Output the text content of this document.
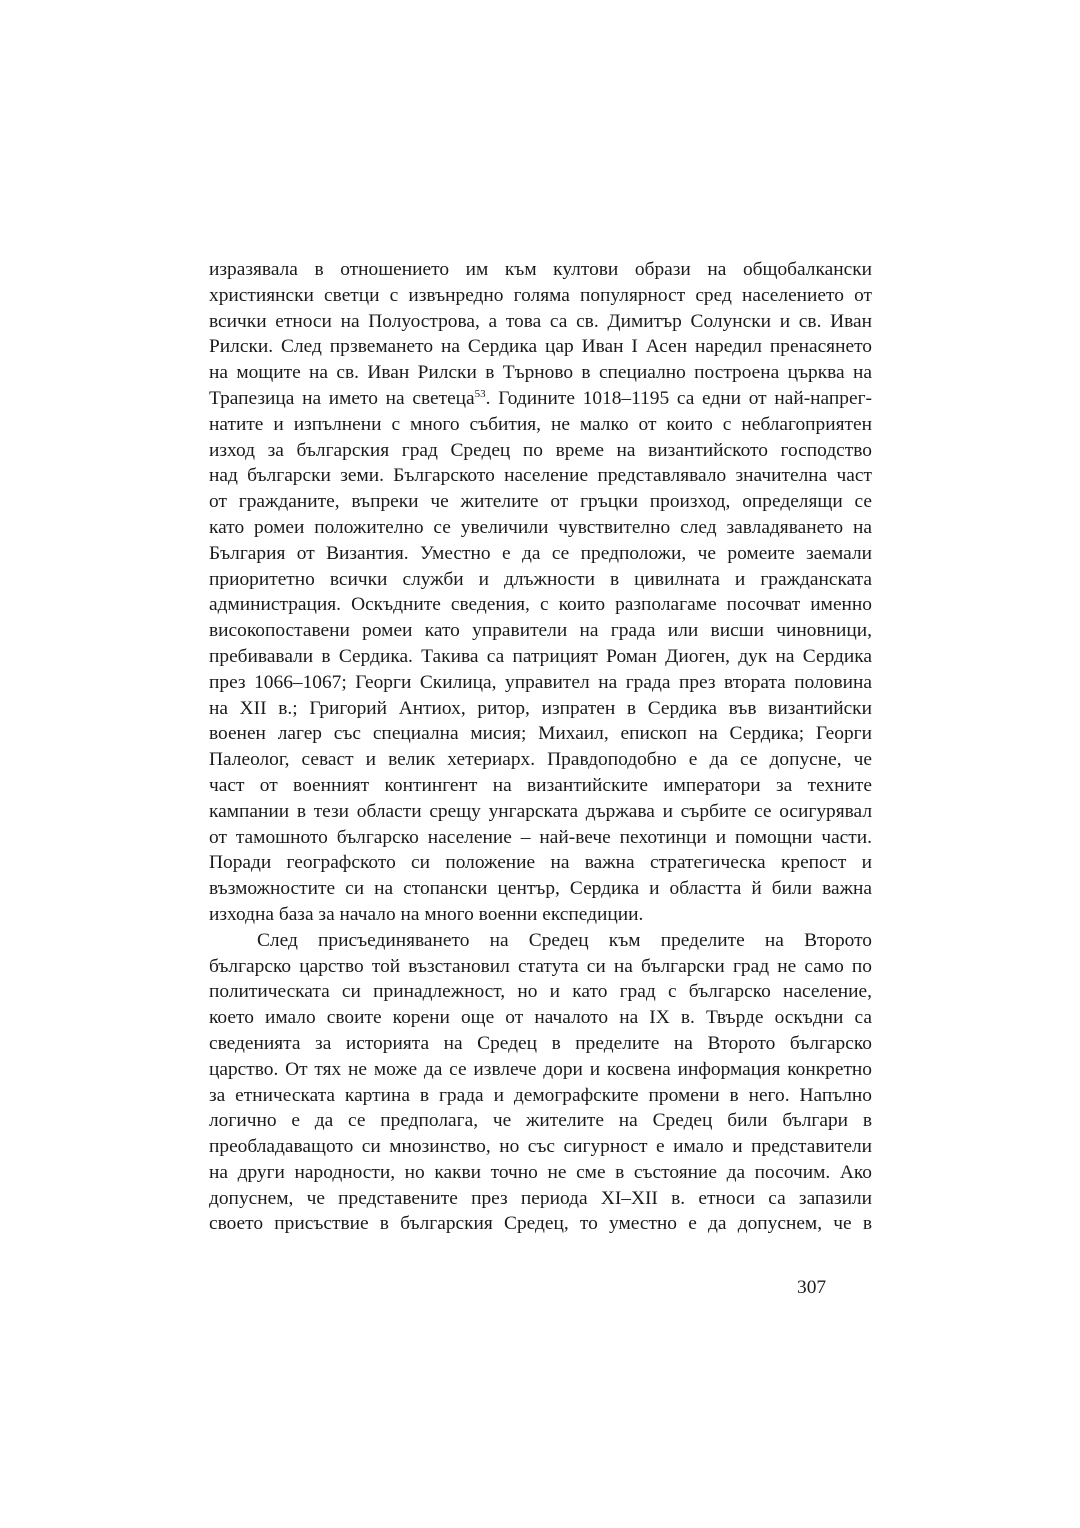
изразявала в отношението им към култови образи на общобалкански

християнски светци с извънредно голяма популярност сред населението от

всички етноси на Полуострова, а това са св. Димитър Солунски и св. Иван

Рилски. След прзвемането на Сердика цар Иван I Асен наредил пренасянето

на мощите на св. Иван Рилски в Търново в специално построена църква на

Трапезица на името на светеца$^{53}$. Годините 1018–1195 са едни от най-напрег-

натите и изпълнени с много събития, не малко от които с неблагоприятен

изход за българския град Средец по време на византийското господство

над български земи. Българското население представлявало значителна част

от гражданите, въпреки че жителите от гръцки произход, определящи се

като ромеи положително се увеличили чувствително след завладяването на

България от Византия. Уместно е да се предположи, че ромеите заемали

приоритетно всички служби и длъжности в цивилната и гражданската

администрация. Оскъдните сведения, с които разполагаме посочват именно

високопоставени ромеи като управители на града или висши чиновници,

пребивавали в Сердика. Такива са патрицият Роман Диоген, дук на Сердика

през 1066–1067; Георги Скилица, управител на града през втората половина

на XII в.; Григорий Антиох, ритор, изпратен в Сердика във византийски

военен лагер със специална мисия; Михаил, епископ на Сердика; Георги

Палеолог, севаст и велик хетериарх. Правдоподобно е да се допусне, че

част от военният контингент на византийските императори за техните

кампании в тези области срещу унгарската държава и сърбите се осигурявал

от тамошното българско население – най-вече пехотинци и помощни части.

Поради географското си положение на важна стратегическа крепост и

възможностите си на стопански център, Сердика и областта й били важна

изходна база за начало на много военни експедиции.

След присъединяването на Средец към пределите на Второто

българско царство той възстановил статута си на български град не само по

политическата си принадлежност, но и като град с българско население,

което имало своите корени още от началото на IX в. Твърде оскъдни са

сведенията за историята на Средец в пределите на Второто българско

царство. От тях не може да се извлече дори и косвена информация конкретно

за етническата картина в града и демографските промени в него. Напълно

логично е да се предполага, че жителите на Средец били българи в

преобладаващото си мнозинство, но със сигурност е имало и представители

на други народности, но какви точно не сме в състояние да посочим. Ако

допуснем, че представените през периода XI–XII в. етноси са запазили

своето присъствие в българския Средец, то уместно е да допуснем, че в

307
